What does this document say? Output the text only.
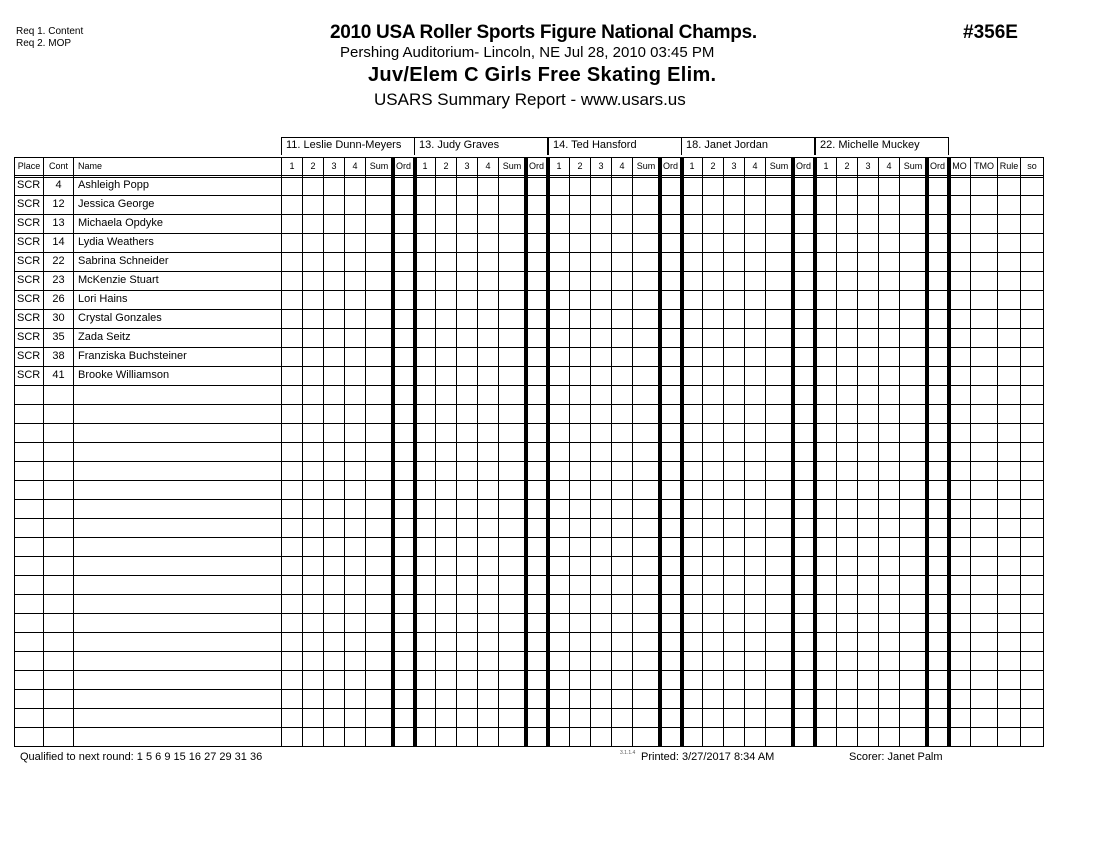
Req 1. Content
Req 2. MOP
2010 USA Roller Sports Figure National Champs.
Pershing Auditorium- Lincoln, NE Jul 28, 2010 03:45 PM
Juv/Elem C Girls Free Skating Elim.
USARS Summary Report - www.usars.us
#356E
11. Leslie Dunn-Meyers	13. Judy Graves	14. Ted Hansford	18. Janet Jordan	22. Michelle Muckey
Place Cont	Name	1	2	3	4	Sum Ord	1	2	3	4	Sum Ord	1	2	3	4	Sum Ord	1	2	3	4	Sum Ord	1	2	3	4	Sum Ord MO TMO Rule so
SCR	4	Ashleigh Popp
SCR	12	Jessica George
SCR	13	Michaela Opdyke
SCR	14	Lydia Weathers
SCR	22	Sabrina Schneider
SCR	23	McKenzie Stuart
SCR	26	Lori Hains
SCR	30	Crystal Gonzales
SCR	35	Zada Seitz
SCR	38	Franziska Buchsteiner
SCR	41	Brooke Williamson
Qualified to next round: 1 5 6 9 15 16 27 29 31 36	3.1.1.4 Printed: 3/27/2017 8:34 AM	Scorer: Janet Palm
